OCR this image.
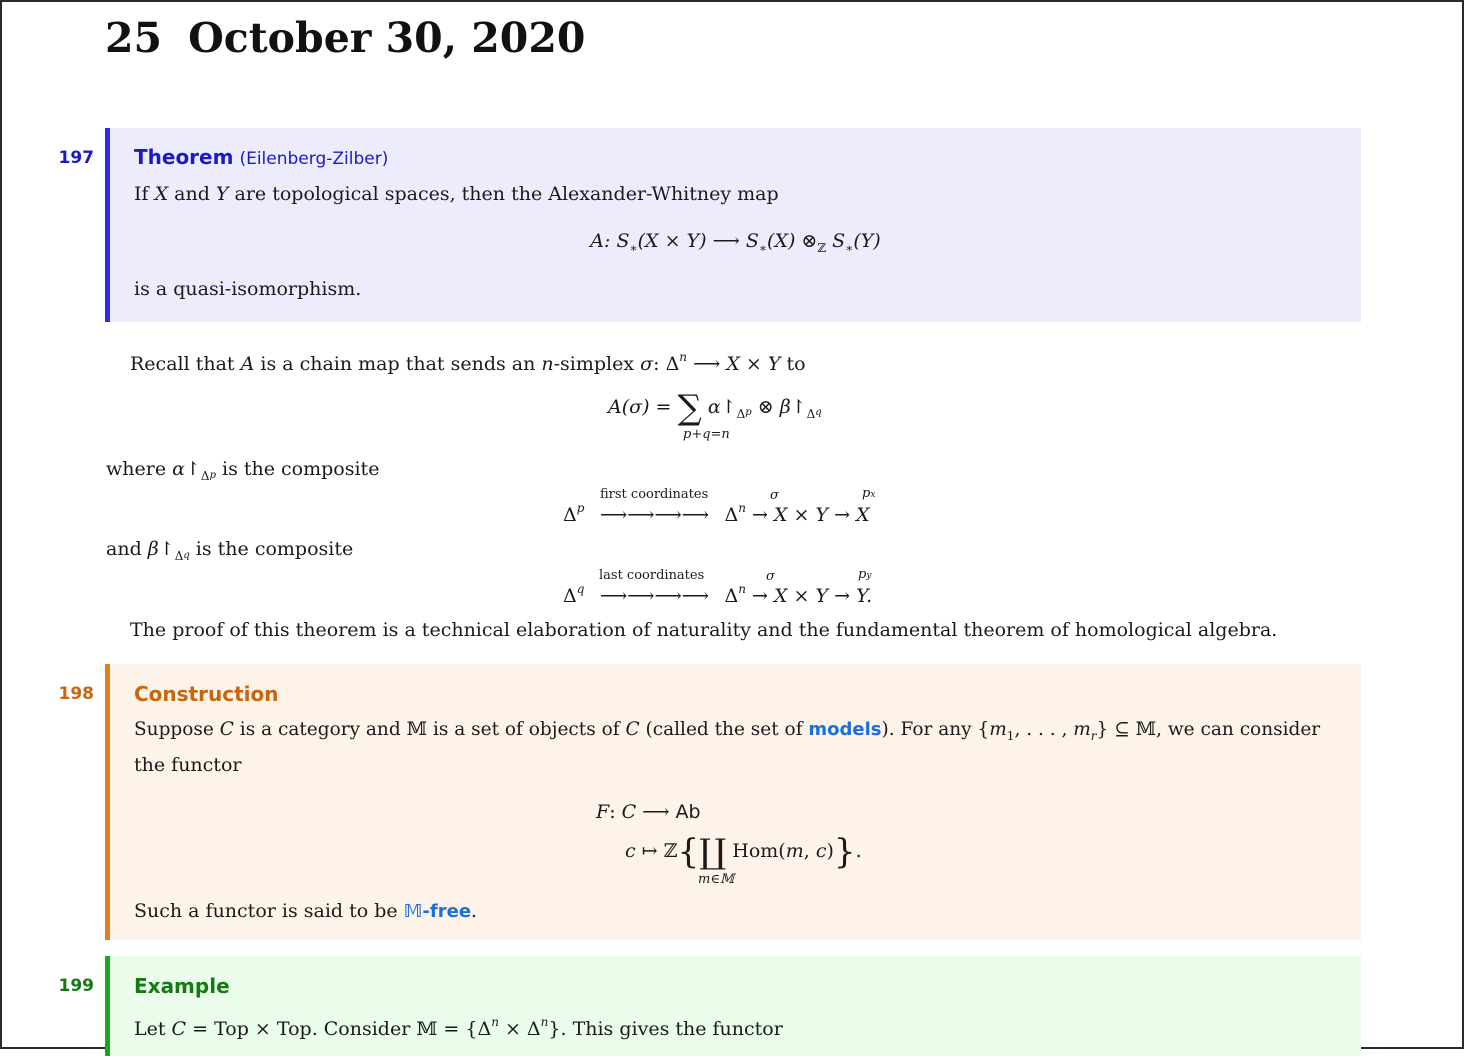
25 October 30, 2020
197 Theorem (Eilenberg-Zilber)
If X and Y are topological spaces, then the Alexander-Whitney map
A: $S_∗(X \times Y)$ ⟶ $S_∗(X)$ $\otimes_ℤ$ $S_∗(Y)$
is a quasi-isomorphism.
Recall that A is a chain map that sends an n-simplex σ: $\Delta^n$ ⟶ X × Y to
A(σ) = ∑ $\alpha↾_{\Delta p}$ ⊗ $\beta↾_{\Delta q}$
p+q=n
where $\alpha↾_{\Delta p}$ is the composite
$\Delta^p$ ⟶⟶⟶⟶ $\Delta^n \to X \times Y \to X$
first coordinates	σ	px
and $\beta↾_{\Delta q}$ is the composite
$\Delta^q$ ⟶⟶⟶⟶ $\Delta^n \to X \times Y \to Y$.
last coordinates	σ	py
The proof of this theorem is a technical elaboration of naturality and the fundamental theorem of homological algebra.
198 Construction
Suppose C is a category and 𝕄 is a set of objects of C (called the set of models). For any {$m_1$, . . . , $m_r$} ⊆ 𝕄, we can consider
the functor
F: C ⟶ Ab
c ↦ ℤ{∐ Hom(m, c)}.
m∈𝕄
Such a functor is said to be 𝕄-free.
199 Example
Let C = Top × Top. Consider 𝕄 = $\{\Delta^n \times \Delta^n\}$. This gives the functor
